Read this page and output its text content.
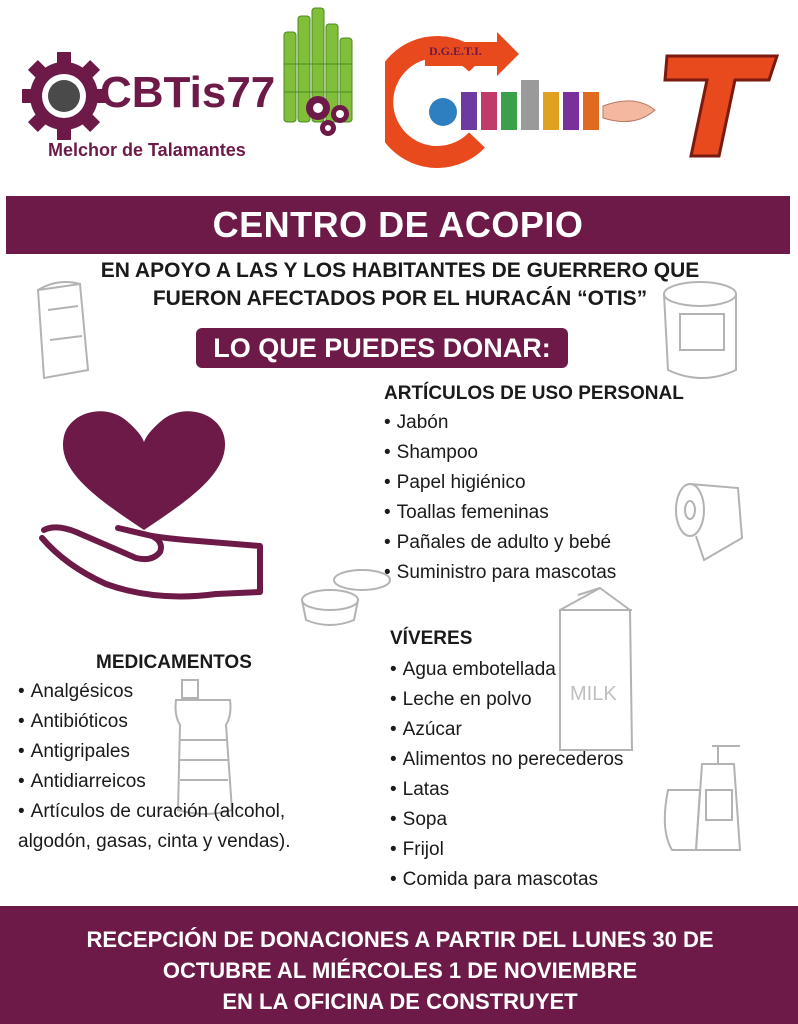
CBTis77
Melchor de Talamantes
D.G.E.T.I.
CENTRO DE ACOPIO
EN APOYO A LAS Y LOS HABITANTES DE GUERRERO QUE
FUERON AFECTADOS POR EL HURACÁN “OTIS”
MILK
LO QUE PUEDES DONAR:
ARTÍCULOS DE USO PERSONAL
• Jabón
• Shampoo
• Papel higiénico
• Toallas femeninas
• Pañales de adulto y bebé
• Suministro para mascotas
VÍVERES
• Agua embotellada
• Leche en polvo
• Azúcar
• Alimentos no perecederos
• Latas
• Sopa
• Frijol
• Comida para mascotas
MEDICAMENTOS
• Analgésicos
• Antibióticos
• Antigripales
• Antidiarreicos
• Artículos de curación (alcohol, algodón, gasas, cinta y vendas).
RECEPCIÓN DE DONACIONES A PARTIR DEL LUNES 30 DE
OCTUBRE AL MIÉRCOLES 1 DE NOVIEMBRE
EN LA OFICINA DE CONSTRUYET
